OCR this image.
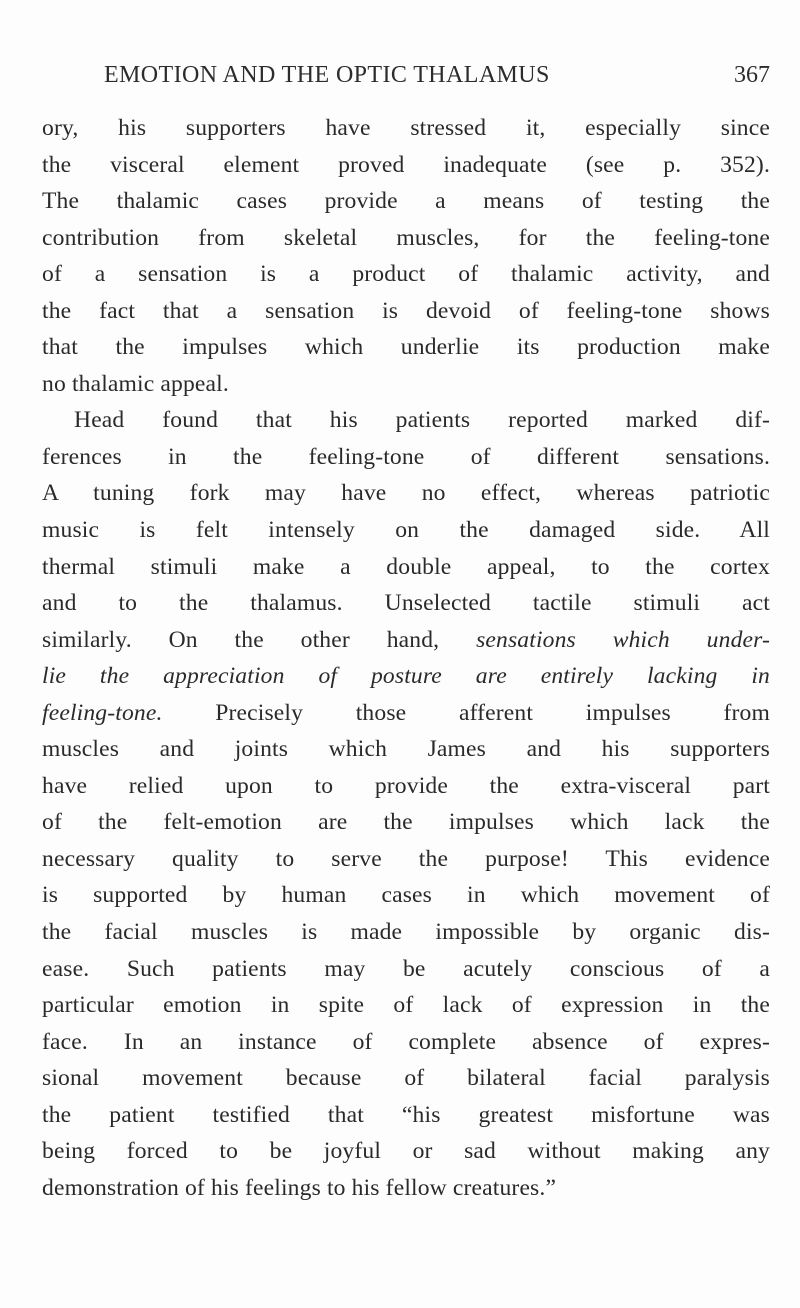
EMOTION AND THE OPTIC THALAMUS	367
ory, his supporters have stressed it, especially since
the visceral element proved inadequate (see p. 352).
The thalamic cases provide a means of testing the
contribution from skeletal muscles, for the feeling-tone
of a sensation is a product of thalamic activity, and
the fact that a sensation is devoid of feeling-tone shows
that the impulses which underlie its production make
no thalamic appeal.
Head found that his patients reported marked dif-
ferences in the feeling-tone of different sensations.
A tuning fork may have no effect, whereas patriotic
music is felt intensely on the damaged side. All
thermal stimuli make a double appeal, to the cortex
and to the thalamus. Unselected tactile stimuli act
similarly. On the other hand, sensations which under-
lie the appreciation of posture are entirely lacking in
feeling-tone. Precisely those afferent impulses from
muscles and joints which James and his supporters
have relied upon to provide the extra-visceral part
of the felt-emotion are the impulses which lack the
necessary quality to serve the purpose! This evidence
is supported by human cases in which movement of
the facial muscles is made impossible by organic dis-
ease. Such patients may be acutely conscious of a
particular emotion in spite of lack of expression in the
face. In an instance of complete absence of expres-
sional movement because of bilateral facial paralysis
the patient testified that “his greatest misfortune was
being forced to be joyful or sad without making any
demonstration of his feelings to his fellow creatures.”
